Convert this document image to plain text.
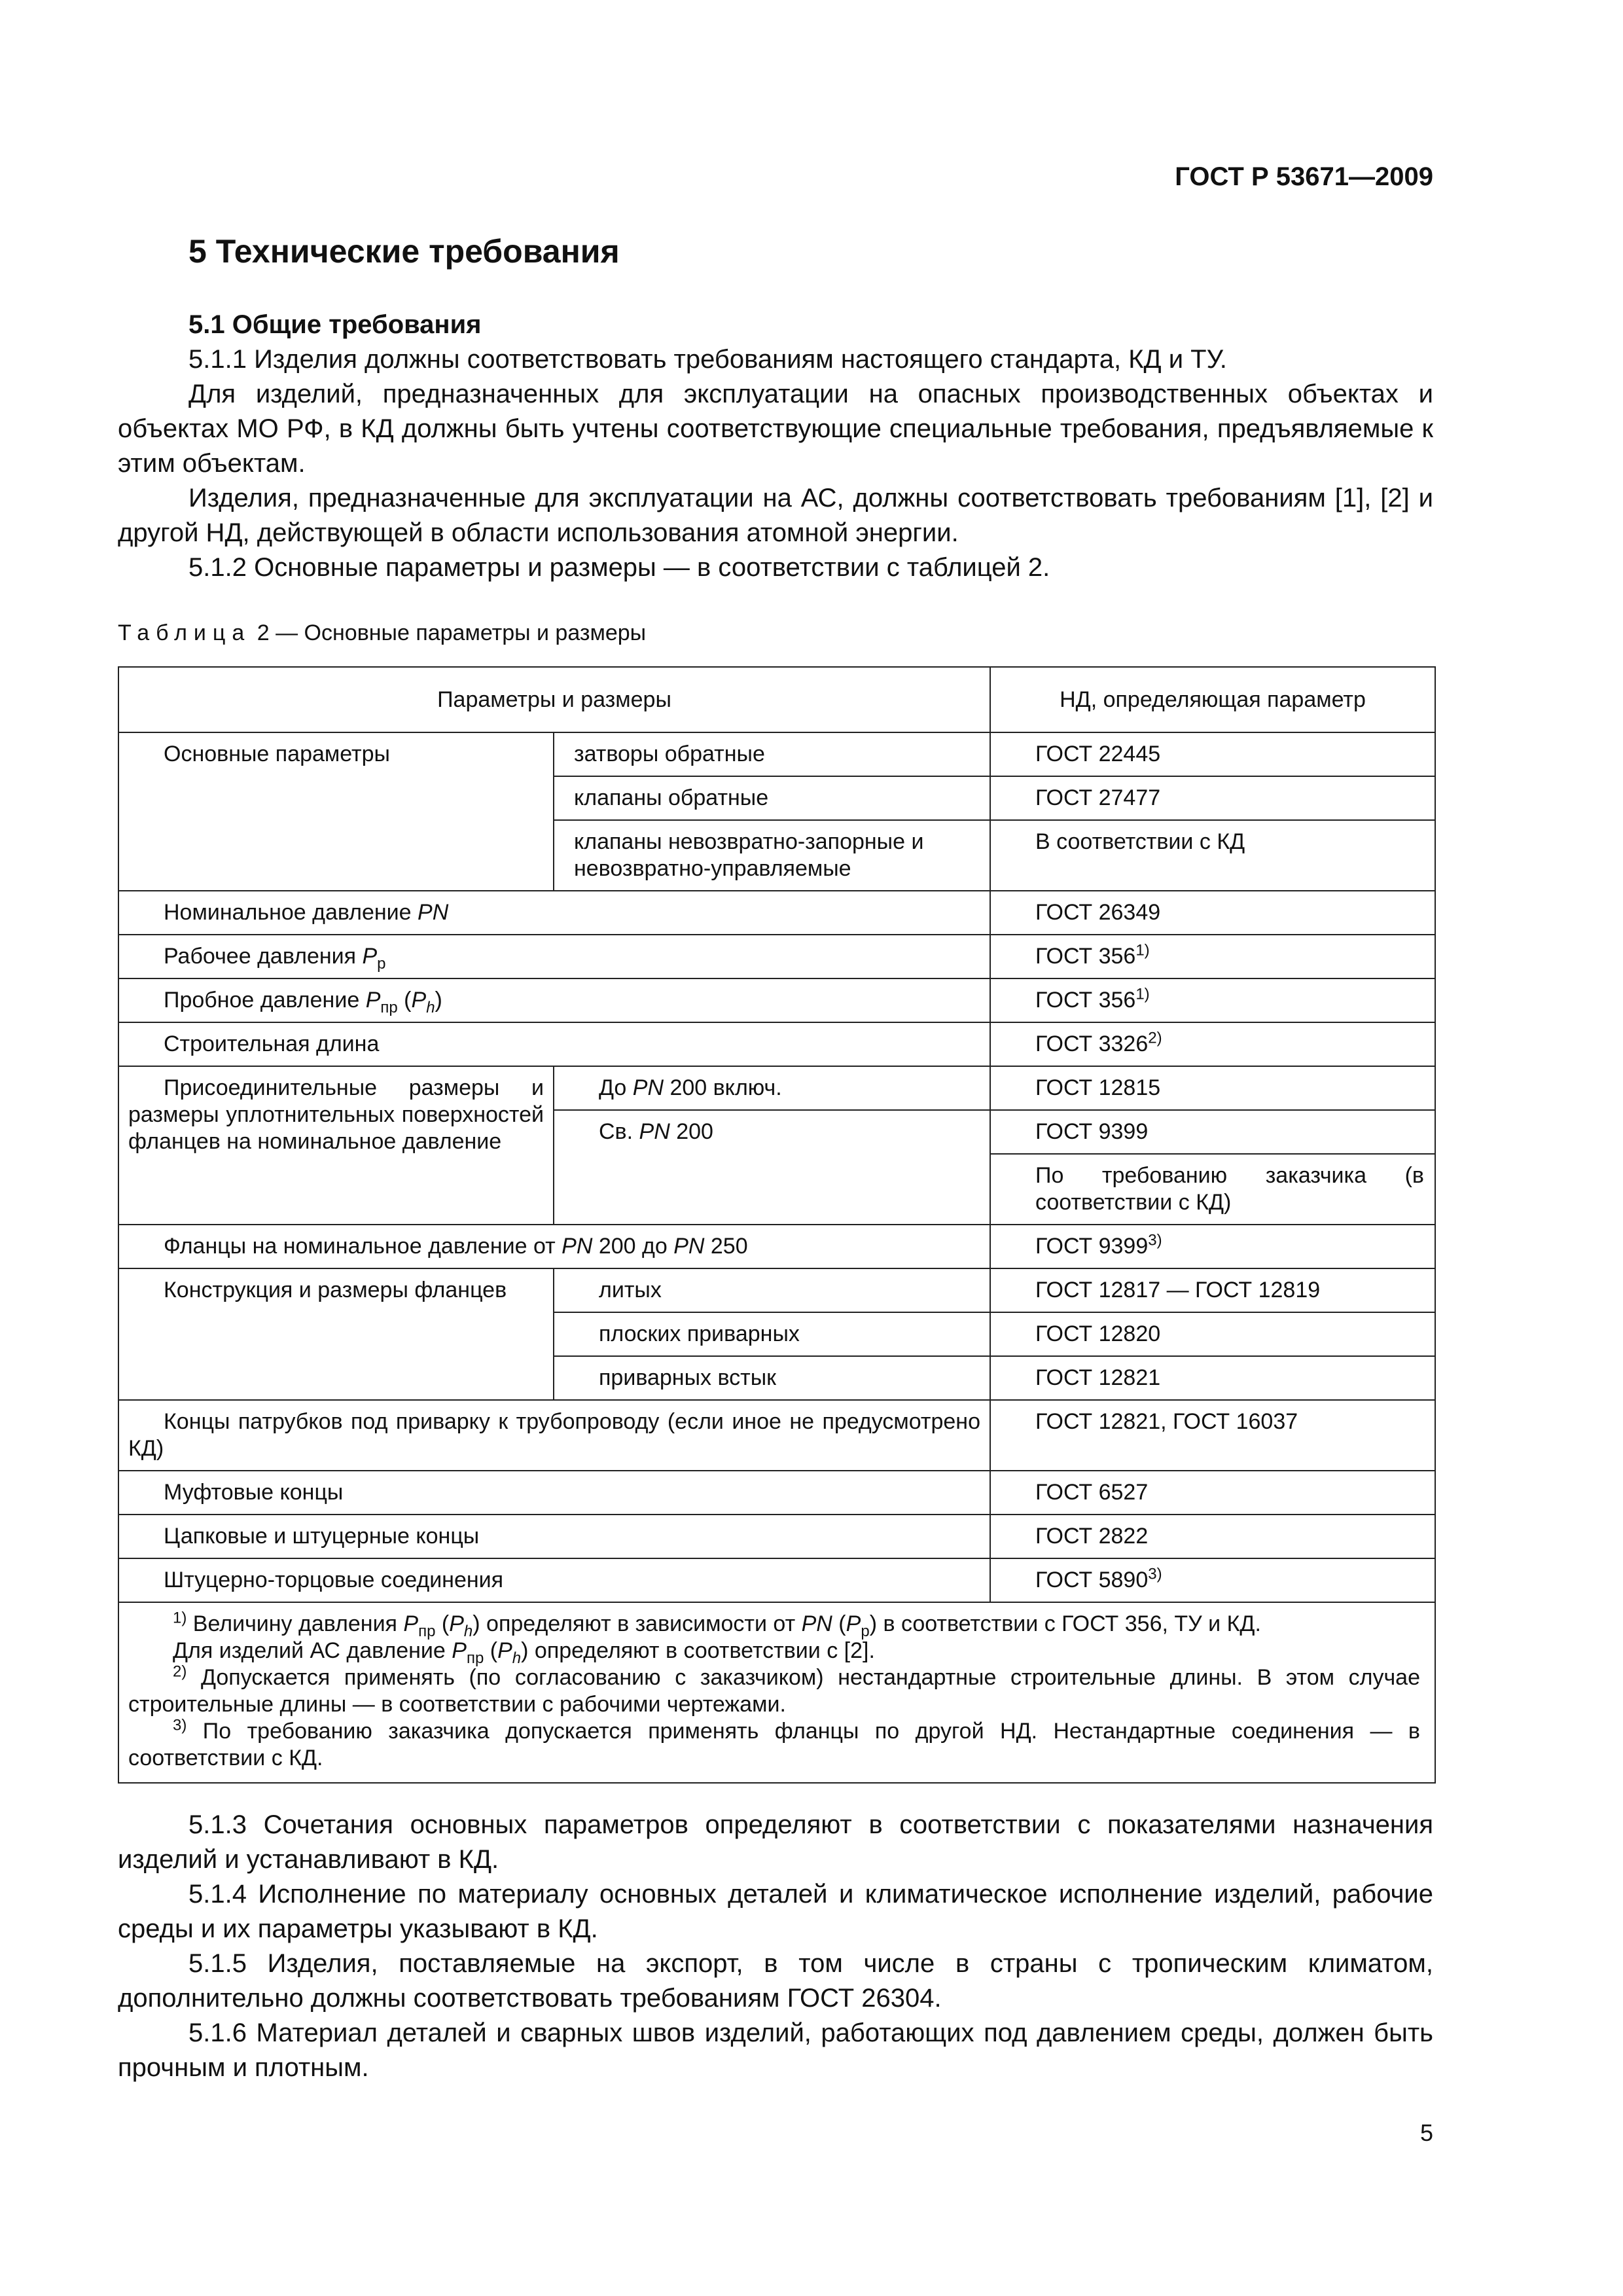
ГОСТ Р 53671—2009
5 Технические требования
5.1 Общие требования

5.1.1 Изделия должны соответствовать требованиям настоящего стандарта, КД и ТУ.

Для изделий, предназначенных для эксплуатации на опасных производственных объектах и объектах МО РФ, в КД должны быть учтены соответствующие специальные требования, предъявляемые к этим объектам.

Изделия, предназначенные для эксплуатации на АС, должны соответствовать требованиям [1], [2] и другой НД, действующей в области использования атомной энергии.

5.1.2 Основные параметры и размеры — в соответствии с таблицей 2.

Таблица 2 — Основные параметры и размеры
Параметры и размеры		НД, определяющая параметр
Основные параметры	затворы обратные	ГОСТ 22445
	клапаны обратные	ГОСТ 27477
	клапаны невозвратно-запорные и невозвратно-управляемые	В соответствии с КД
Номинальное давление PN		ГОСТ 26349
Рабочее давления $P_р$		ГОСТ 356$^{1)}$
Пробное давление $P_{пр}$ $(P_h)$		ГОСТ 356$^{1)}$
Строительная длина		ГОСТ 3326$^{2)}$
Присоединительные размеры и размеры уплотнительных поверхностей фланцев на номинальное давление	До PN 200 включ.	ГОСТ 12815
	Св. PN 200	ГОСТ 9399
		По требованию заказчика (в соответствии с КД)
Фланцы на номинальное давление от PN 200 до PN 250		ГОСТ 9399$^{3)}$
Конструкция и размеры фланцев	литых	ГОСТ 12817 — ГОСТ 12819
	плоских приварных	ГОСТ 12820
	приварных встык	ГОСТ 12821
Концы патрубков под приварку к трубопроводу (если иное не предусмотрено КД)		ГОСТ 12821, ГОСТ 16037
Муфтовые концы		ГОСТ 6527
Цапковые и штуцерные концы		ГОСТ 2822
Штуцерно-торцовые соединения		ГОСТ 5890$^{3)}$

$^{1)}$ Величину давления $P_{пр}$ $(P_h)$ определяют в зависимости от PN $(P_р)$ в соответствии с ГОСТ 356, ТУ и КД.

Для изделий АС давление $P_{пр}$ $(P_h)$ определяют в соответствии с [2].

$^{2)}$ Допускается применять (по согласованию с заказчиком) нестандартные строительные длины. В этом случае строительные длины — в соответствии с рабочими чертежами.

$^{3)}$ По требованию заказчика допускается применять фланцы по другой НД. Нестандартные соединения — в соответствии с КД.		

5.1.3 Сочетания основных параметров определяют в соответствии с показателями назначения изделий и устанавливают в КД.

5.1.4 Исполнение по материалу основных деталей и климатическое исполнение изделий, рабочие среды и их параметры указывают в КД.

5.1.5 Изделия, поставляемые на экспорт, в том числе в страны с тропическим климатом, дополнительно должны соответствовать требованиям ГОСТ 26304.

5.1.6 Материал деталей и сварных швов изделий, работающих под давлением среды, должен быть прочным и плотным.

5
